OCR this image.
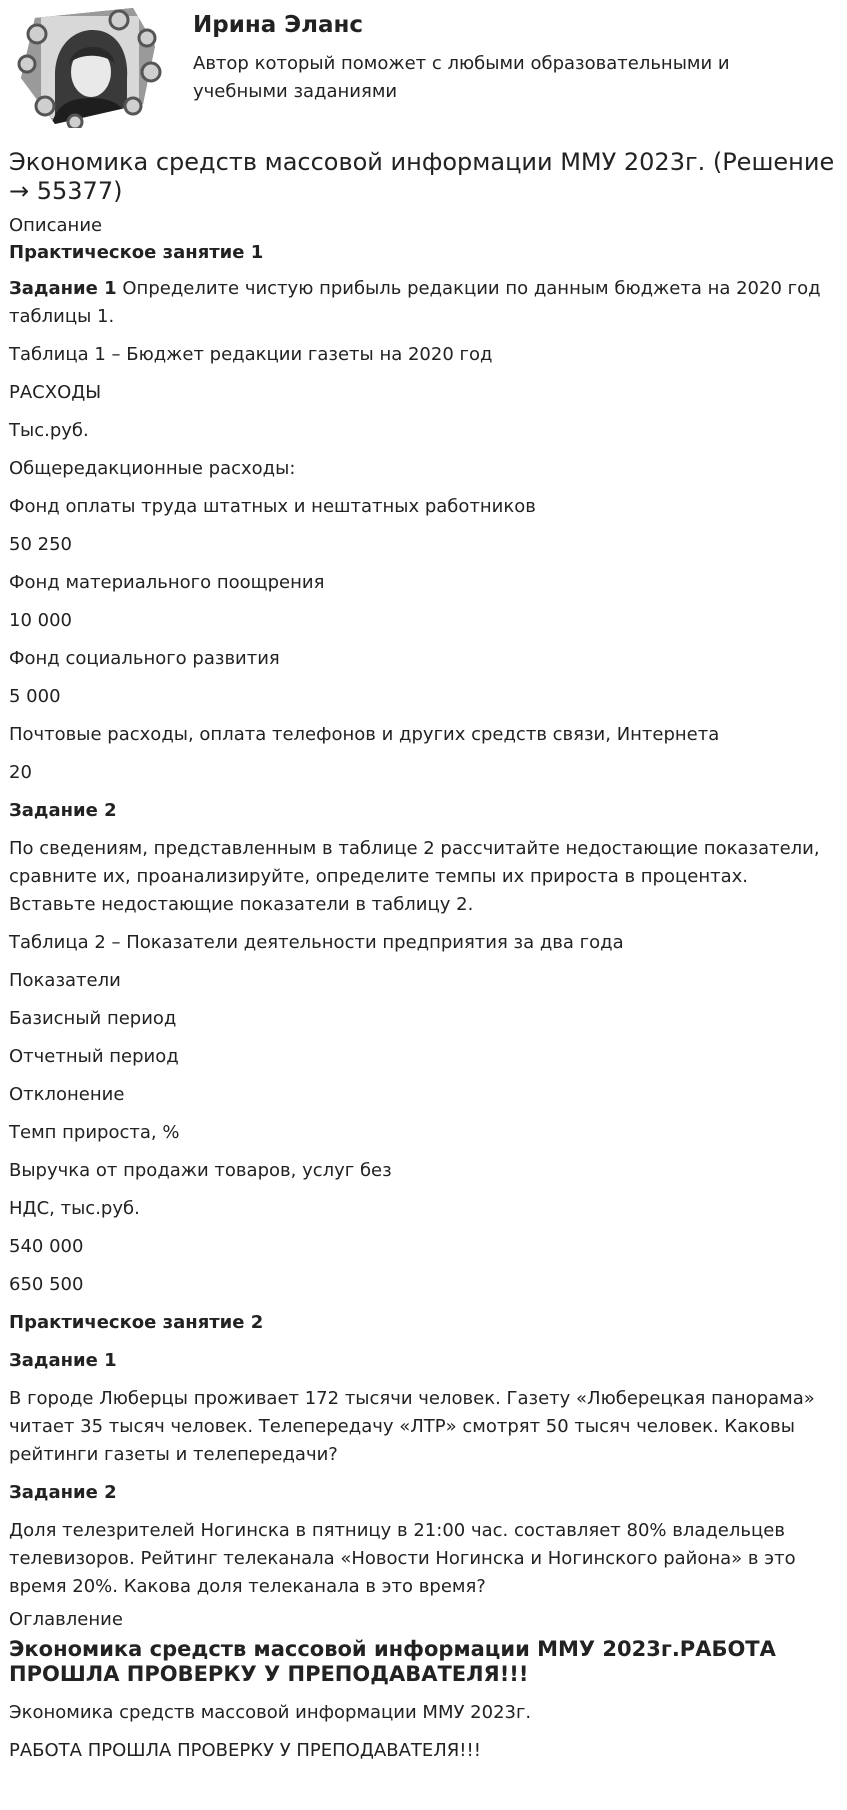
Ирина Эланс
Автор который поможет с любыми образовательными и учебными заданиями
Экономика средств массовой информации ММУ 2023г. (Решение → 55377)
Описание
Практическое занятие 1

Задание 1 Определите чистую прибыль редакции по данным бюджета на 2020 год таблицы 1.

Таблица 1 – Бюджет редакции газеты на 2020 год

РАСХОДЫ

Тыс.руб.

Общередакционные расходы:

Фонд оплаты труда штатных и нештатных работников

50 250

Фонд материального поощрения

10 000

Фонд социального развития

5 000

Почтовые расходы, оплата телефонов и других средств связи, Интернета

20

Задание 2

По сведениям, представленным в таблице 2 рассчитайте недостающие показатели, сравните их, проанализируйте, определите темпы их прироста в процентах. Вставьте недостающие показатели в таблицу 2.

Таблица 2 – Показатели деятельности предприятия за два года

Показатели

Базисный период

Отчетный период

Отклонение

Темп прироста, %

Выручка от продажи товаров, услуг без

НДС, тыс.руб.

540 000

650 500

Практическое занятие 2

Задание 1

В городе Люберцы проживает 172 тысячи человек. Газету «Люберецкая панорама» читает 35 тысяч человек. Телепередачу «ЛТР» смотрят 50 тысяч человек. Каковы рейтинги газеты и телепередачи?

Задание 2

Доля телезрителей Ногинска в пятницу в 21:00 час. составляет 80% владельцев телевизоров. Рейтинг телеканала «Новости Ногинска и Ногинского района» в это время 20%. Какова доля телеканала в это время?

Оглавление
Экономика средств массовой информации ММУ 2023г.РАБОТА ПРОШЛА ПРОВЕРКУ У ПРЕПОДАВАТЕЛЯ!!!

Экономика средств массовой информации ММУ 2023г.

РАБОТА ПРОШЛА ПРОВЕРКУ У ПРЕПОДАВАТЕЛЯ!!!
